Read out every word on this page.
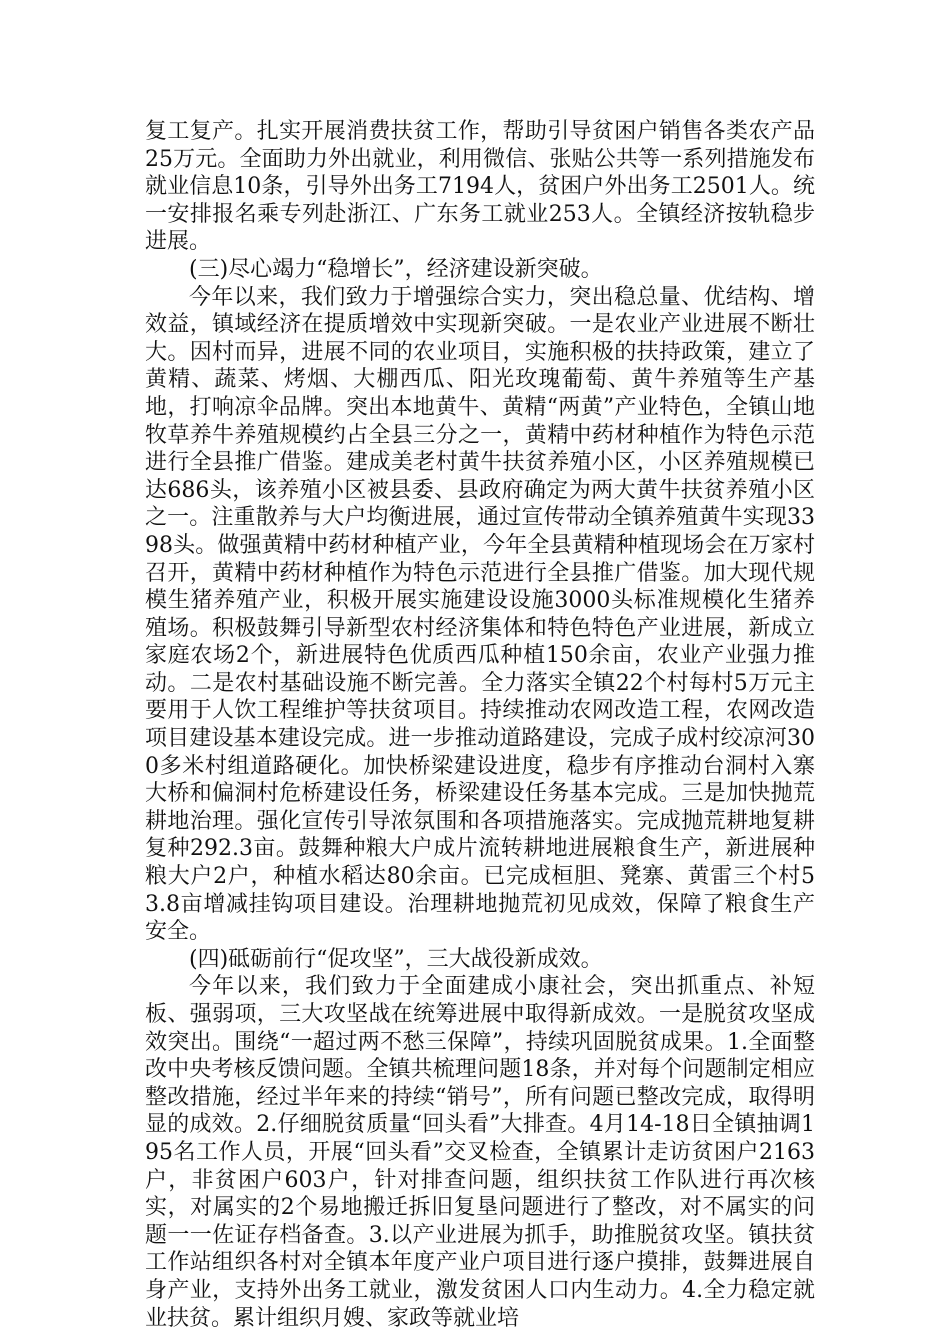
复工复产。扎实开展消费扶贫工作，帮助引导贫困户销售各类农产品25万元。全面助力外出就业，利用微信、张贴公共等一系列措施发布就业信息10条，引导外出务工7194人，贫困户外出务工2501人。统一安排报名乘专列赴浙江、广东务工就业253人。全镇经济按轨稳步进展。

(三)尽心竭力“稳增长”，经济建设新突破。

今年以来，我们致力于增强综合实力，突出稳总量、优结构、增效益，镇域经济在提质增效中实现新突破。一是农业产业进展不断壮大。因村而异，进展不同的农业项目，实施积极的扶持政策，建立了黄精、蔬菜、烤烟、大棚西瓜、阳光玫瑰葡萄、黄牛养殖等生产基地，打响凉伞品牌。突出本地黄牛、黄精“两黄”产业特色，全镇山地牧草养牛养殖规模约占全县三分之一，黄精中药材种植作为特色示范进行全县推广借鉴。建成美老村黄牛扶贫养殖小区，小区养殖规模已达686头，该养殖小区被县委、县政府确定为两大黄牛扶贫养殖小区之一。注重散养与大户均衡进展，通过宣传带动全镇养殖黄牛实现3398头。做强黄精中药材种植产业，今年全县黄精种植现场会在万家村召开，黄精中药材种植作为特色示范进行全县推广借鉴。加大现代规模生猪养殖产业，积极开展实施建设设施3000头标准规模化生猪养殖场。积极鼓舞引导新型农村经济集体和特色特色产业进展，新成立家庭农场2个，新进展特色优质西瓜种植150余亩，农业产业强力推动。二是农村基础设施不断完善。全力落实全镇22个村每村5万元主要用于人饮工程维护等扶贫项目。持续推动农网改造工程，农网改造项目建设基本建设完成。进一步推动道路建设，完成子成村绞凉河300多米村组道路硬化。加快桥梁建设进度，稳步有序推动台洞村入寨大桥和偏洞村危桥建设任务，桥梁建设任务基本完成。三是加快抛荒耕地治理。强化宣传引导浓氛围和各项措施落实。完成抛荒耕地复耕复种292.3亩。鼓舞种粮大户成片流转耕地进展粮食生产，新进展种粮大户2户，种植水稻达80余亩。已完成桓胆、凳寨、黄雷三个村53.8亩增减挂钩项目建设。治理耕地抛荒初见成效，保障了粮食生产安全。

(四)砥砺前行“促攻坚”，三大战役新成效。

今年以来，我们致力于全面建成小康社会，突出抓重点、补短板、强弱项，三大攻坚战在统筹进展中取得新成效。一是脱贫攻坚成效突出。围绕“一超过两不愁三保障”，持续巩固脱贫成果。1.全面整改中央考核反馈问题。全镇共梳理问题18条，并对每个问题制定相应整改措施，经过半年来的持续“销号”，所有问题已整改完成，取得明显的成效。2.仔细脱贫质量“回头看”大排查。4月14-18日全镇抽调195名工作人员，开展“回头看”交叉检查，全镇累计走访贫困户2163户，非贫困户603户，针对排查问题，组织扶贫工作队进行再次核实，对属实的2个易地搬迁拆旧复垦问题进行了整改，对不属实的问题一一佐证存档备查。3.以产业进展为抓手，助推脱贫攻坚。镇扶贫工作站组织各村对全镇本年度产业户项目进行逐户摸排，鼓舞进展自身产业，支持外出务工就业，激发贫困人口内生动力。4.全力稳定就业扶贫。累计组织月嫂、家政等就业培
